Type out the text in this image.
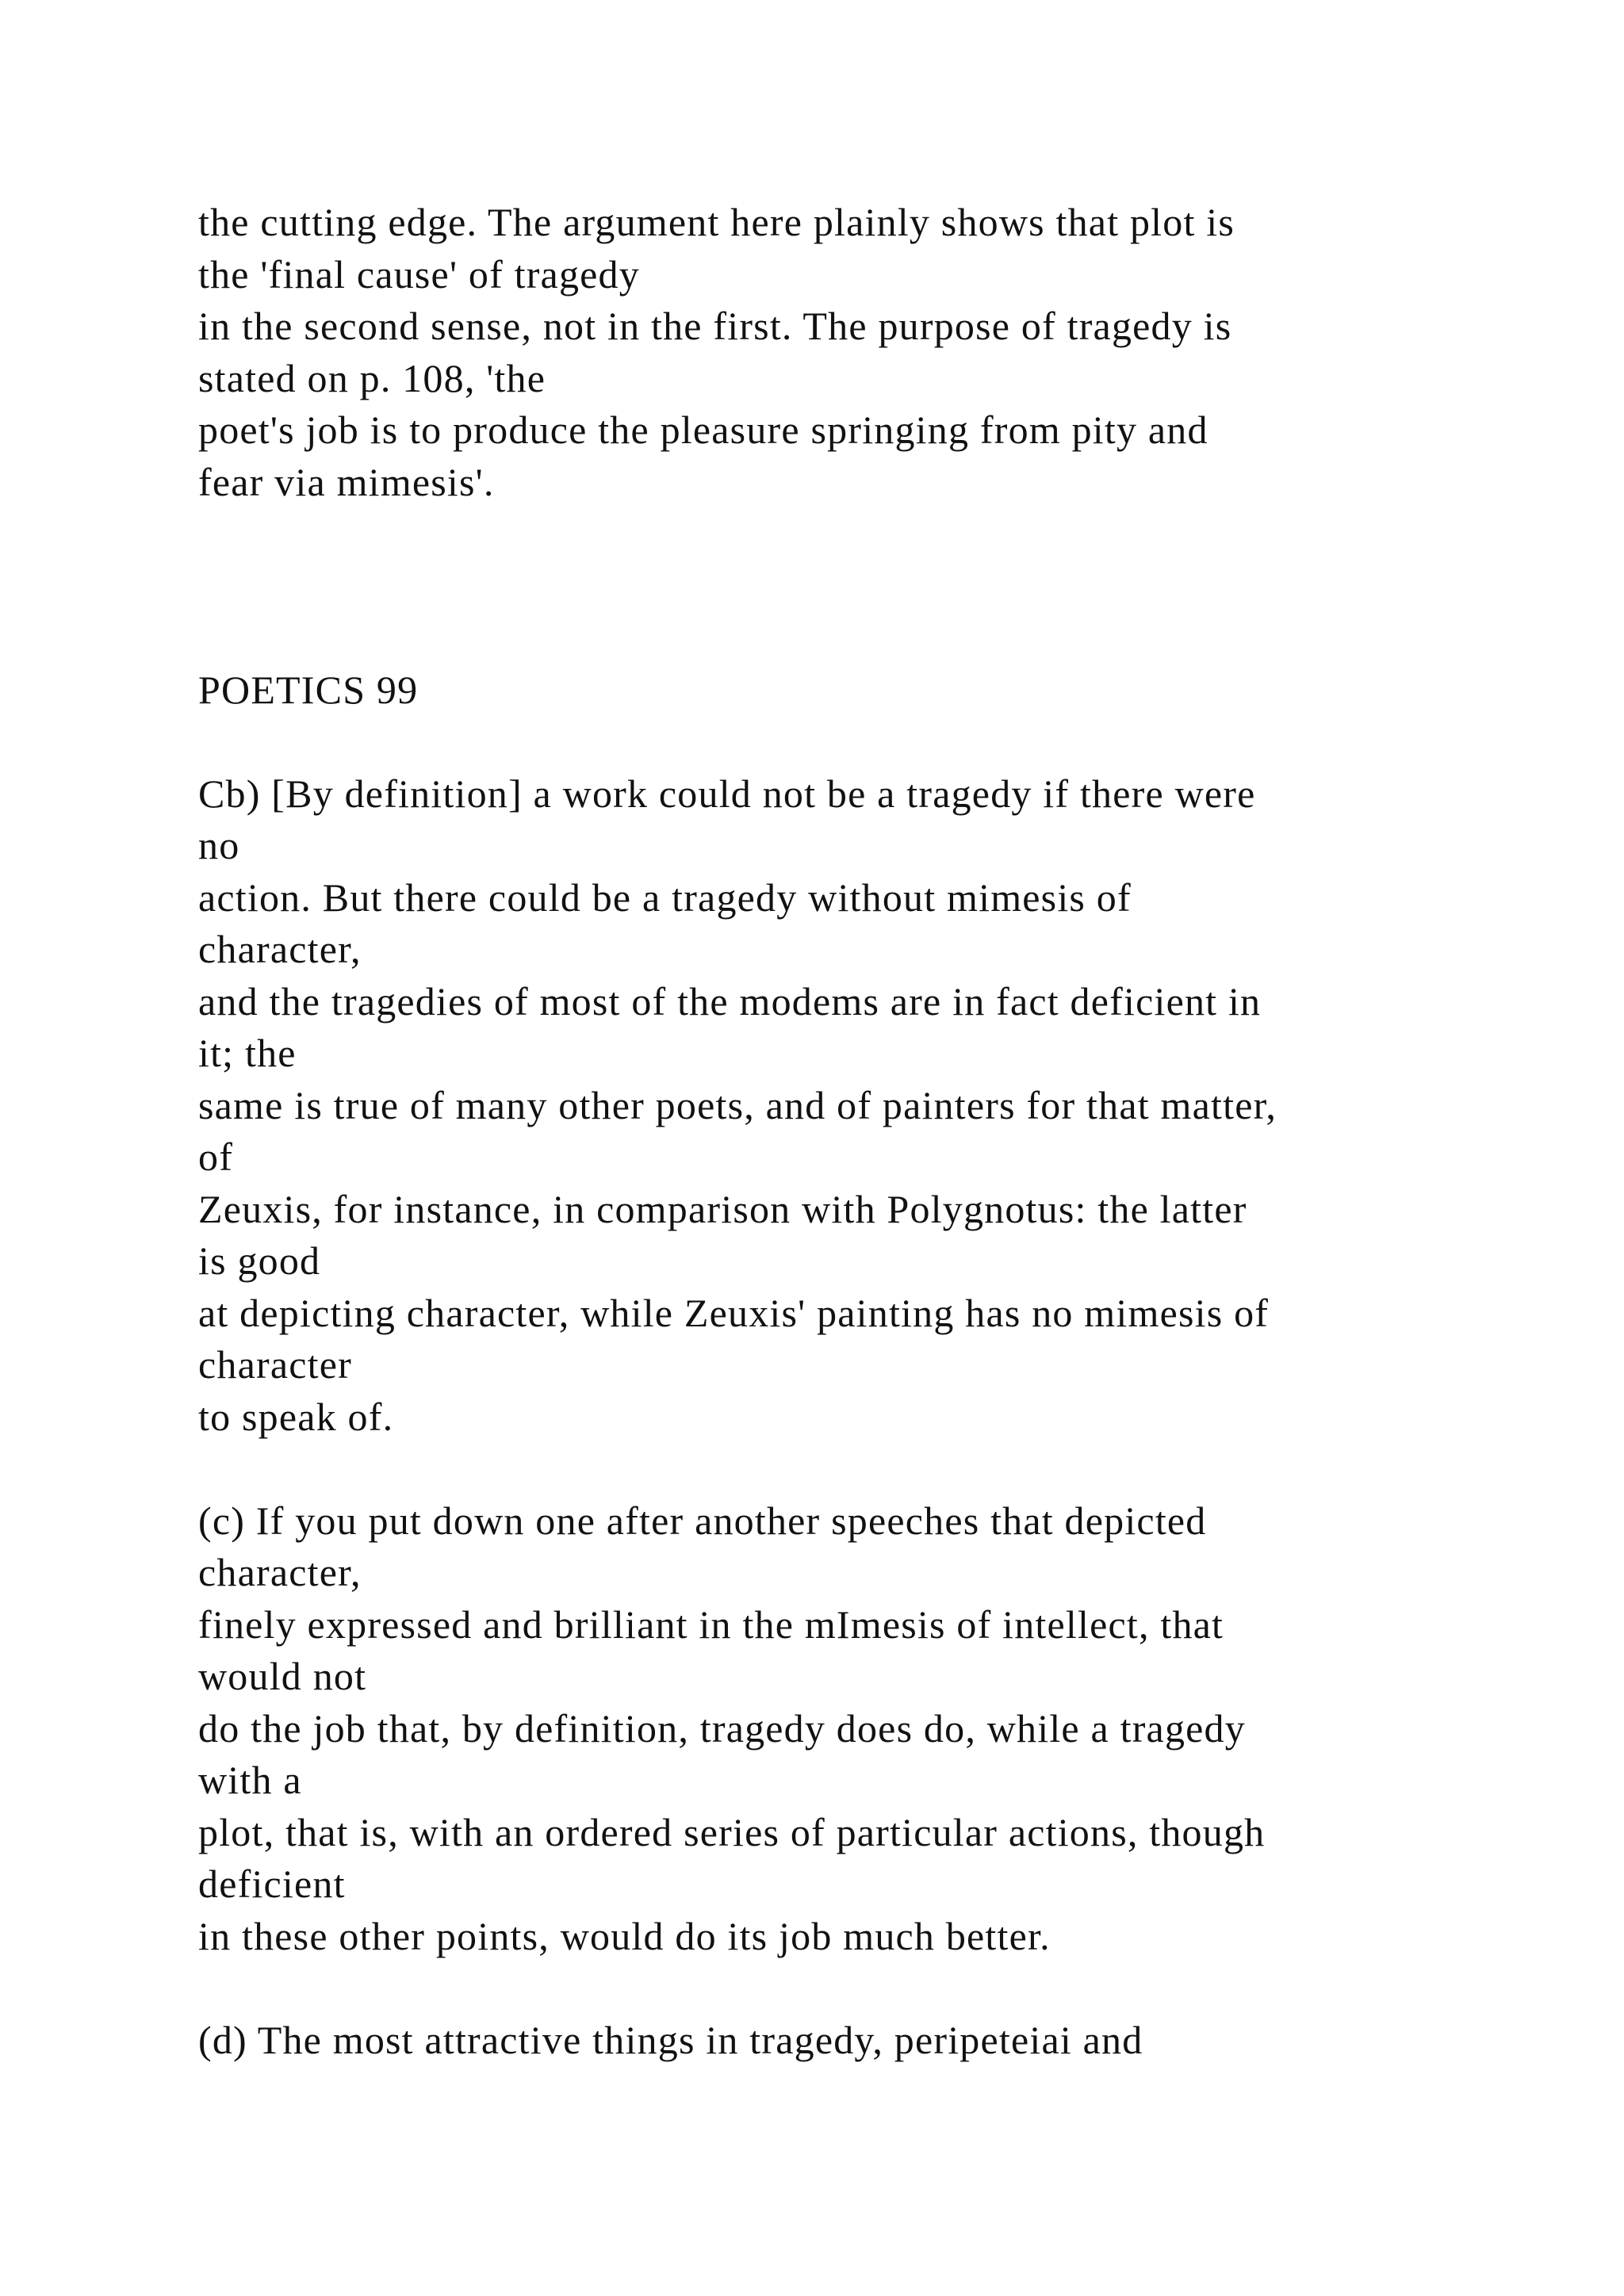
the cutting edge. The argument here plainly shows that plot is
the 'final cause' of tragedy
in the second sense, not in the first. The purpose of tragedy is
stated on p. 108, 'the
poet's job is to produce the pleasure springing from pity and
fear via mimesis'.
POETICS 99
Cb) [By definition] a work could not be a tragedy if there were
no
action. But there could be a tragedy without mimesis of
character,
and the tragedies of most of the modems are in fact deficient in
it; the
same is true of many other poets, and of painters for that matter,
of
Zeuxis, for instance, in comparison with Polygnotus: the latter
is good
at depicting character, while Zeuxis' painting has no mimesis of
character
to speak of.
(c) If you put down one after another speeches that depicted
character,
finely expressed and brilliant in the mImesis of intellect, that
would not
do the job that, by definition, tragedy does do, while a tragedy
with a
plot, that is, with an ordered series of particular actions, though
deficient
in these other points, would do its job much better.
(d) The most attractive things in tragedy, peripeteiai and
